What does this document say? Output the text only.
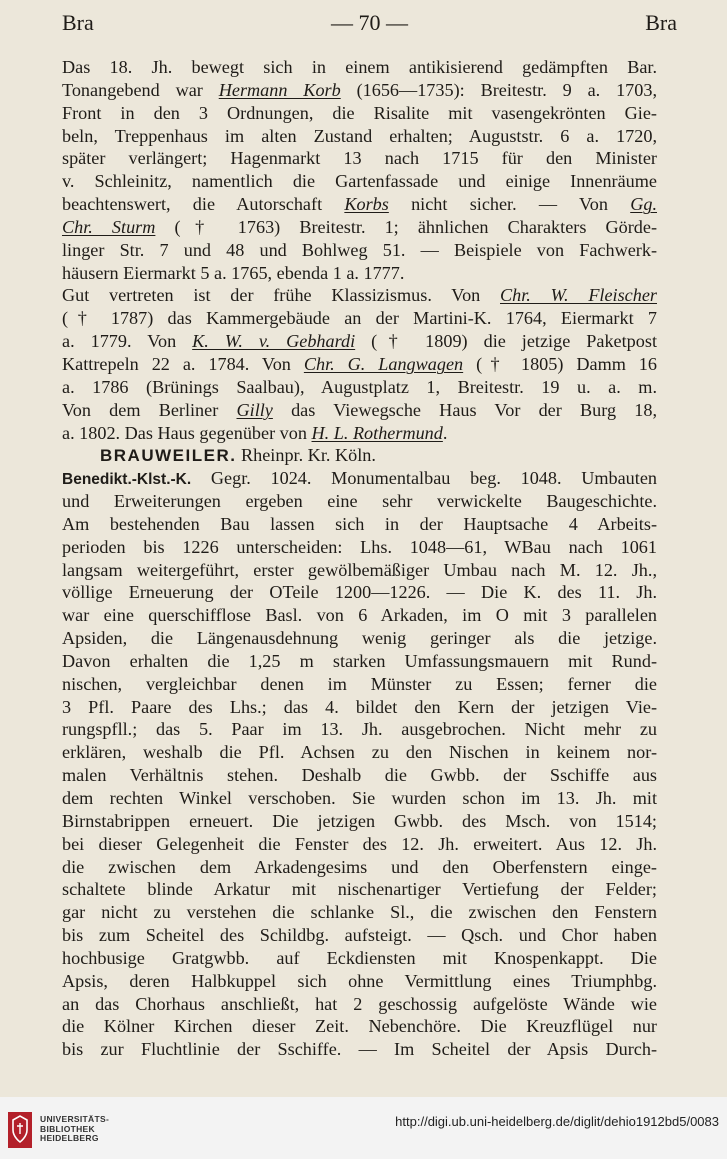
Bra	— 70 —	Bra
Das 18. Jh. bewegt sich in einem antikisierend gedämpften Bar.
Tonangebend war Hermann Korb (1656—1735): Breitestr. 9 a. 1703,
Front in den 3 Ordnungen, die Risalite mit vasengekrönten Gie-
beln, Treppenhaus im alten Zustand erhalten; Auguststr. 6 a. 1720,
später verlängert; Hagenmarkt 13 nach 1715 für den Minister
v. Schleinitz, namentlich die Gartenfassade und einige Innenräume
beachtenswert, die Autorschaft Korbs nicht sicher. — Von Gg.
Chr. Sturm († 1763) Breitestr. 1; ähnlichen Charakters Görde-
linger Str. 7 und 48 und Bohlweg 51. — Beispiele von Fachwerk-
häusern Eiermarkt 5 a. 1765, ebenda 1 a. 1777.
Gut vertreten ist der frühe Klassizismus. Von Chr. W. Fleischer
(† 1787) das Kammergebäude an der Martini-K. 1764, Eiermarkt 7
a. 1779. Von K. W. v. Gebhardi († 1809) die jetzige Paketpost
Kattrepeln 22 a. 1784. Von Chr. G. Langwagen († 1805) Damm 16
a. 1786 (Brünings Saalbau), Augustplatz 1, Breitestr. 19 u. a. m.
Von dem Berliner Gilly das Viewegsche Haus Vor der Burg 18,
a. 1802. Das Haus gegenüber von H. L. Rothermund.
BRAUWEILER. Rheinpr. Kr. Köln.
Benedikt.-Klst.-K. Gegr. 1024. Monumentalbau beg. 1048. Umbauten
und Erweiterungen ergeben eine sehr verwickelte Baugeschichte.
Am bestehenden Bau lassen sich in der Hauptsache 4 Arbeits-
perioden bis 1226 unterscheiden: Lhs. 1048—61, WBau nach 1061
langsam weitergeführt, erster gewölbemäßiger Umbau nach M. 12. Jh.,
völlige Erneuerung der OTeile 1200—1226. — Die K. des 11. Jh.
war eine querschifflose Basl. von 6 Arkaden, im O mit 3 parallelen
Apsiden, die Längenausdehnung wenig geringer als die jetzige.
Davon erhalten die 1,25 m starken Umfassungsmauern mit Rund-
nischen, vergleichbar denen im Münster zu Essen; ferner die
3 Pfl. Paare des Lhs.; das 4. bildet den Kern der jetzigen Vie-
rungspfll.; das 5. Paar im 13. Jh. ausgebrochen. Nicht mehr zu
erklären, weshalb die Pfl. Achsen zu den Nischen in keinem nor-
malen Verhältnis stehen. Deshalb die Gwbb. der Sschiffe aus
dem rechten Winkel verschoben. Sie wurden schon im 13. Jh. mit
Birnstabrippen erneuert. Die jetzigen Gwbb. des Msch. von 1514;
bei dieser Gelegenheit die Fenster des 12. Jh. erweitert. Aus 12. Jh.
die zwischen dem Arkadengesims und den Oberfenstern einge-
schaltete blinde Arkatur mit nischenartiger Vertiefung der Felder;
gar nicht zu verstehen die schlanke Sl., die zwischen den Fenstern
bis zum Scheitel des Schildbg. aufsteigt. — Qsch. und Chor haben
hochbusige Gratgwbb. auf Eckdiensten mit Knospenkappt. Die
Apsis, deren Halbkuppel sich ohne Vermittlung eines Triumphbg.
an das Chorhaus anschließt, hat 2 geschossig aufgelöste Wände wie
die Kölner Kirchen dieser Zeit. Nebenchöre. Die Kreuzflügel nur
bis zur Fluchtlinie der Sschiffe. — Im Scheitel der Apsis Durch-
UNIVERSITÄTS-
BIBLIOTHEK
HEIDELBERG
http://digi.ub.uni-heidelberg.de/diglit/dehio1912bd5/0083
